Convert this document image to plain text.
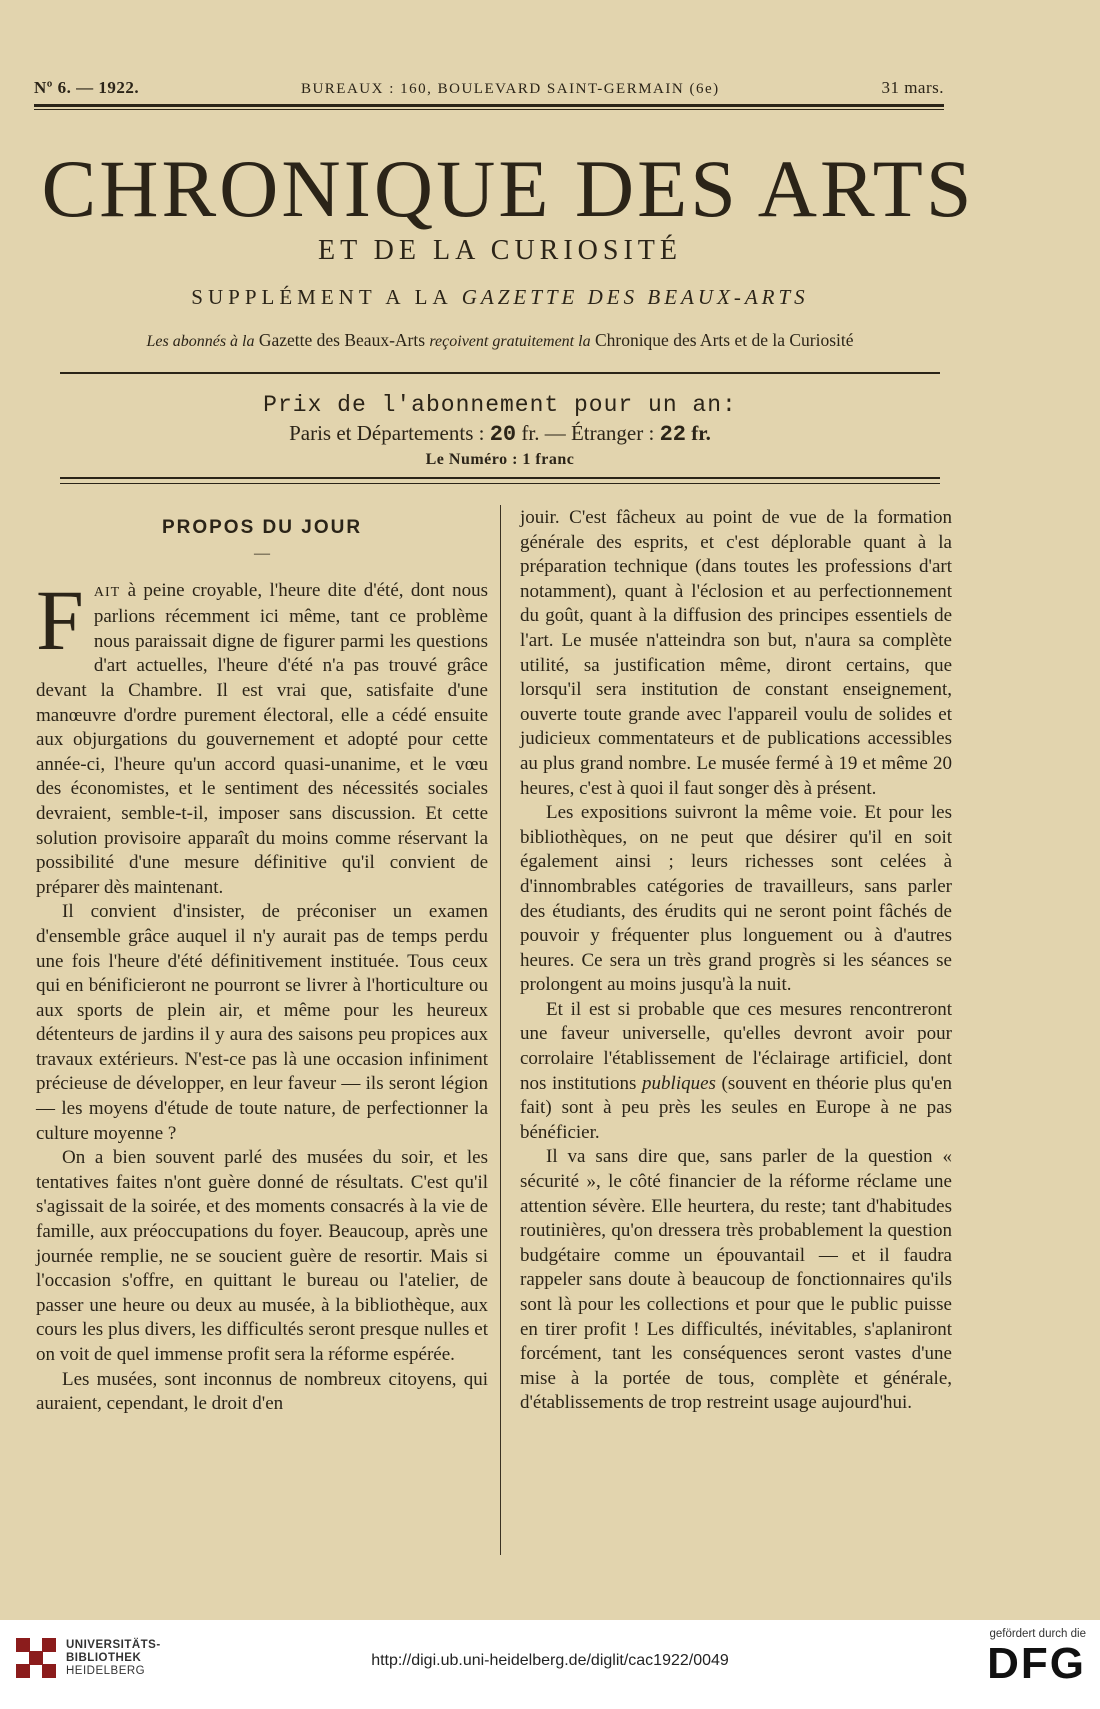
Nº 6. — 1922.	BUREAUX : 160, BOULEVARD SAINT-GERMAIN (6e)	31 mars.
CHRONIQUE DES ARTS
ET DE LA CURIOSITÉ
SUPPLÉMENT A LA GAZETTE DES BEAUX-ARTS
Les abonnés à la Gazette des Beaux-Arts reçoivent gratuitement la Chronique des Arts et de la Curiosité
Prix de l'abonnement pour un an:
Paris et Départements : 20 fr. — Étranger : 22 fr.
Le Numéro : 1 franc
PROPOS DU JOUR
—

FAIT à peine croyable, l'heure dite d'été, dont nous parlions récemment ici même, tant ce problème nous paraissait digne de figurer parmi les questions d'art actuelles, l'heure d'été n'a pas trouvé grâce devant la Chambre. Il est vrai que, satisfaite d'une manœuvre d'ordre purement électoral, elle a cédé ensuite aux objurgations du gouvernement et adopté pour cette année-ci, l'heure qu'un accord quasi-unanime, et le vœu des économistes, et le sentiment des nécessités sociales devraient, semble-t-il, imposer sans discussion. Et cette solution provisoire apparaît du moins comme réservant la possibilité d'une mesure définitive qu'il convient de préparer dès maintenant.

Il convient d'insister, de préconiser un examen d'ensemble grâce auquel il n'y aurait pas de temps perdu une fois l'heure d'été définitivement instituée. Tous ceux qui en bénificieront ne pourront se livrer à l'horticulture ou aux sports de plein air, et même pour les heureux détenteurs de jardins il y aura des saisons peu propices aux travaux extérieurs. N'est-ce pas là une occasion infiniment précieuse de développer, en leur faveur — ils seront légion — les moyens d'étude de toute nature, de perfectionner la culture moyenne ?

On a bien souvent parlé des musées du soir, et les tentatives faites n'ont guère donné de résultats. C'est qu'il s'agissait de la soirée, et des moments consacrés à la vie de famille, aux préoccupations du foyer. Beaucoup, après une journée remplie, ne se soucient guère de resortir. Mais si l'occasion s'offre, en quittant le bureau ou l'atelier, de passer une heure ou deux au musée, à la bibliothèque, aux cours les plus divers, les difficultés seront presque nulles et on voit de quel immense profit sera la réforme espérée.

Les musées, sont inconnus de nombreux citoyens, qui auraient, cependant, le droit d'en

jouir. C'est fâcheux au point de vue de la formation générale des esprits, et c'est déplorable quant à la préparation technique (dans toutes les professions d'art notamment), quant à l'éclosion et au perfectionnement du goût, quant à la diffusion des principes essentiels de l'art. Le musée n'atteindra son but, n'aura sa complète utilité, sa justification même, diront certains, que lorsqu'il sera institution de constant enseignement, ouverte toute grande avec l'appareil voulu de solides et judicieux commentateurs et de publications accessibles au plus grand nombre. Le musée fermé à 19 et même 20 heures, c'est à quoi il faut songer dès à présent.

Les expositions suivront la même voie. Et pour les bibliothèques, on ne peut que désirer qu'il en soit également ainsi ; leurs richesses sont celées à d'innombrables catégories de travailleurs, sans parler des étudiants, des érudits qui ne seront point fâchés de pouvoir y fréquenter plus longuement ou à d'autres heures. Ce sera un très grand progrès si les séances se prolongent au moins jusqu'à la nuit.

Et il est si probable que ces mesures rencontreront une faveur universelle, qu'elles devront avoir pour corrolaire l'établissement de l'éclairage artificiel, dont nos institutions publiques (souvent en théorie plus qu'en fait) sont à peu près les seules en Europe à ne pas bénéficier.

Il va sans dire que, sans parler de la question « sécurité », le côté financier de la réforme réclame une attention sévère. Elle heurtera, du reste; tant d'habitudes routinières, qu'on dressera très probablement la question budgétaire comme un épouvantail — et il faudra rappeler sans doute à beaucoup de fonctionnaires qu'ils sont là pour les collections et pour que le public puisse en tirer profit ! Les difficultés, inévitables, s'aplaniront forcément, tant les conséquences seront vastes d'une mise à la portée de tous, complète et générale, d'établissements de trop restreint usage aujourd'hui.

UNIVERSITÄTS-
BIBLIOTHEK
HEIDELBERG
http://digi.ub.uni-heidelberg.de/diglit/cac1922/0049
gefördert durch die
DFG
